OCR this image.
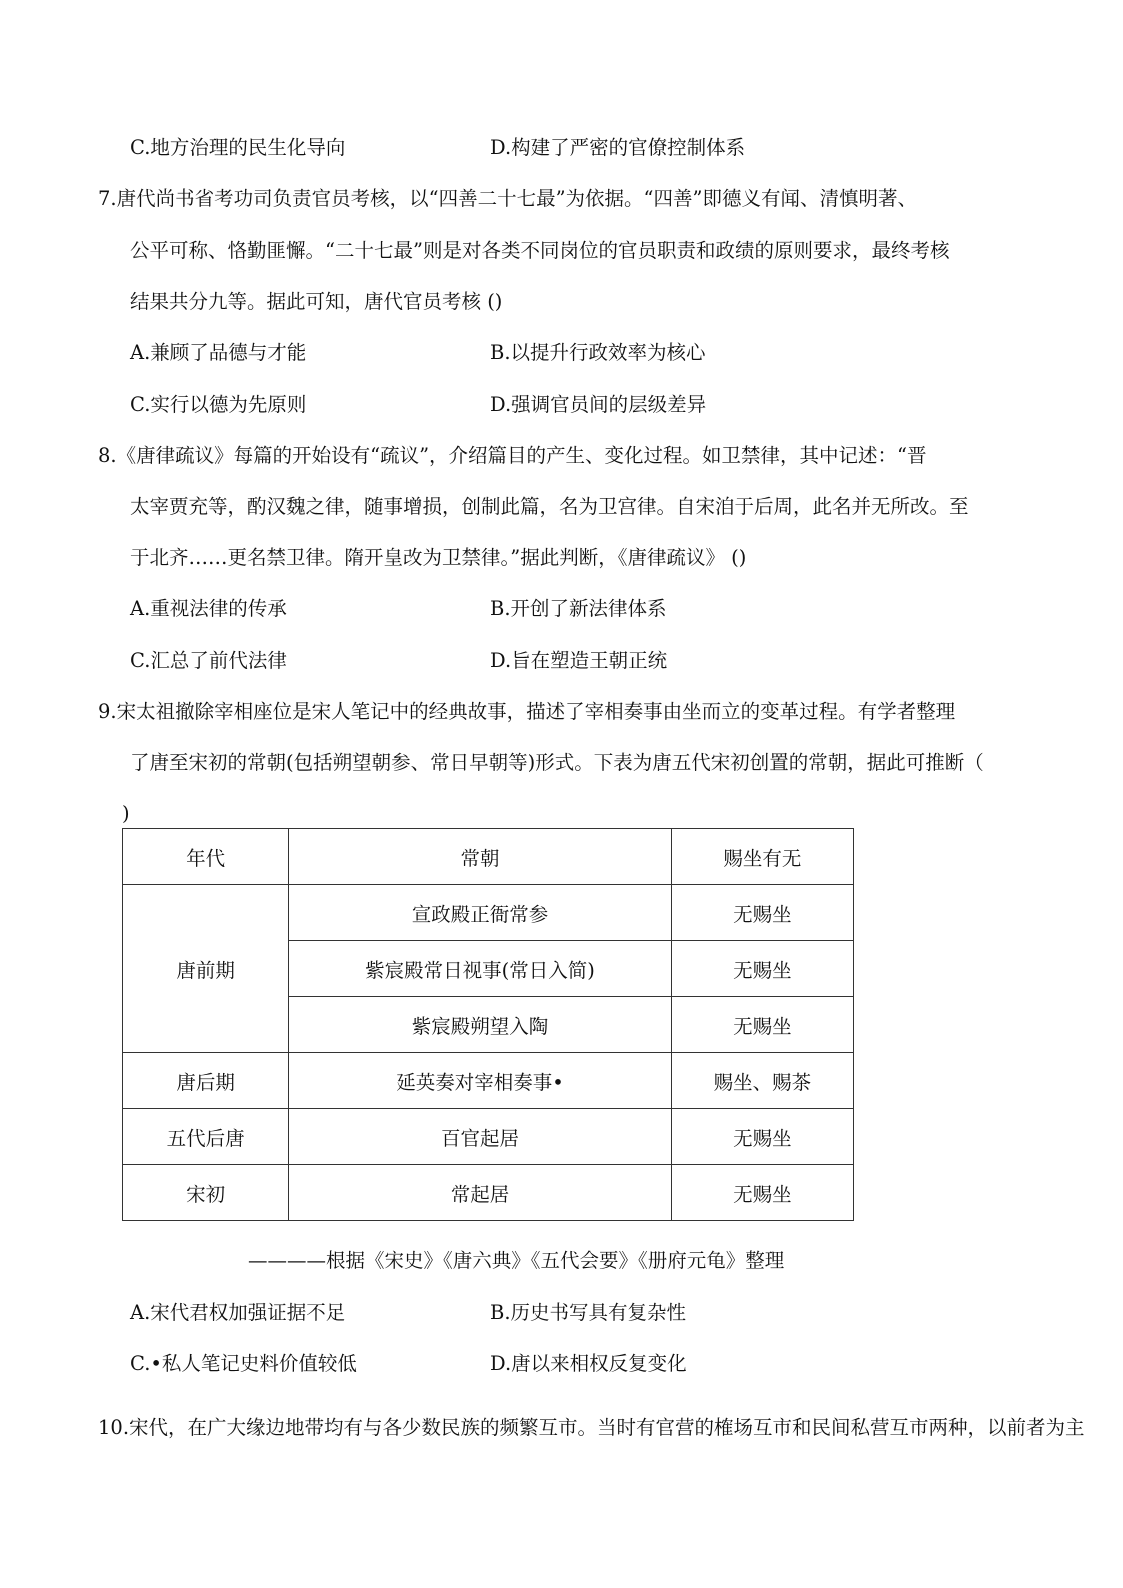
C.地方治理的民生化导向	D.构建了严密的官僚控制体系
7.唐代尚书省考功司负责官员考核，以“四善二十七最”为依据。“四善”即德义有闻、清慎明著、
公平可称、恪勤匪懈。“二十七最”则是对各类不同岗位的官员职责和政绩的原则要求，最终考核
结果共分九等。据此可知，唐代官员考核 ()
A.兼顾了品德与才能	B.以提升行政效率为核心
C.实行以德为先原则	D.强调官员间的层级差异
8.《唐律疏议》每篇的开始设有“疏议”，介绍篇目的产生、变化过程。如卫禁律，其中记述：“晋
太宰贾充等，酌汉魏之律，随事增损，创制此篇，名为卫宫律。自宋洎于后周，此名并无所改。至
于北齐……更名禁卫律。隋开皇改为卫禁律。”据此判断，《唐律疏议》 ()
A.重视法律的传承	B.开创了新法律体系
C.汇总了前代法律	D.旨在塑造王朝正统
9.宋太祖撤除宰相座位是宋人笔记中的经典故事，描述了宰相奏事由坐而立的变革过程。有学者整理
了唐至宋初的常朝(包括朔望朝参、常日早朝等)形式。下表为唐五代宋初创置的常朝，据此可推断（
)
年代	常朝	赐坐有无
唐前期	宣政殿正衙常参	无赐坐
	紫宸殿常日视事(常日入简)	无赐坐
	紫宸殿朔望入陶	无赐坐
唐后期	延英奏对宰相奏事•	赐坐、赐茶
五代后唐	百官起居	无赐坐
宋初	常起居	无赐坐
————根据《宋史》《唐六典》《五代会要》《册府元龟》整理
A.宋代君权加强证据不足	B.历史书写具有复杂性
C.•私人笔记史料价值较低	D.唐以来相权反复变化
10.宋代，在广大缘边地带均有与各少数民族的频繁互市。当时有官营的榷场互市和民间私营互市两种，以前者为主
